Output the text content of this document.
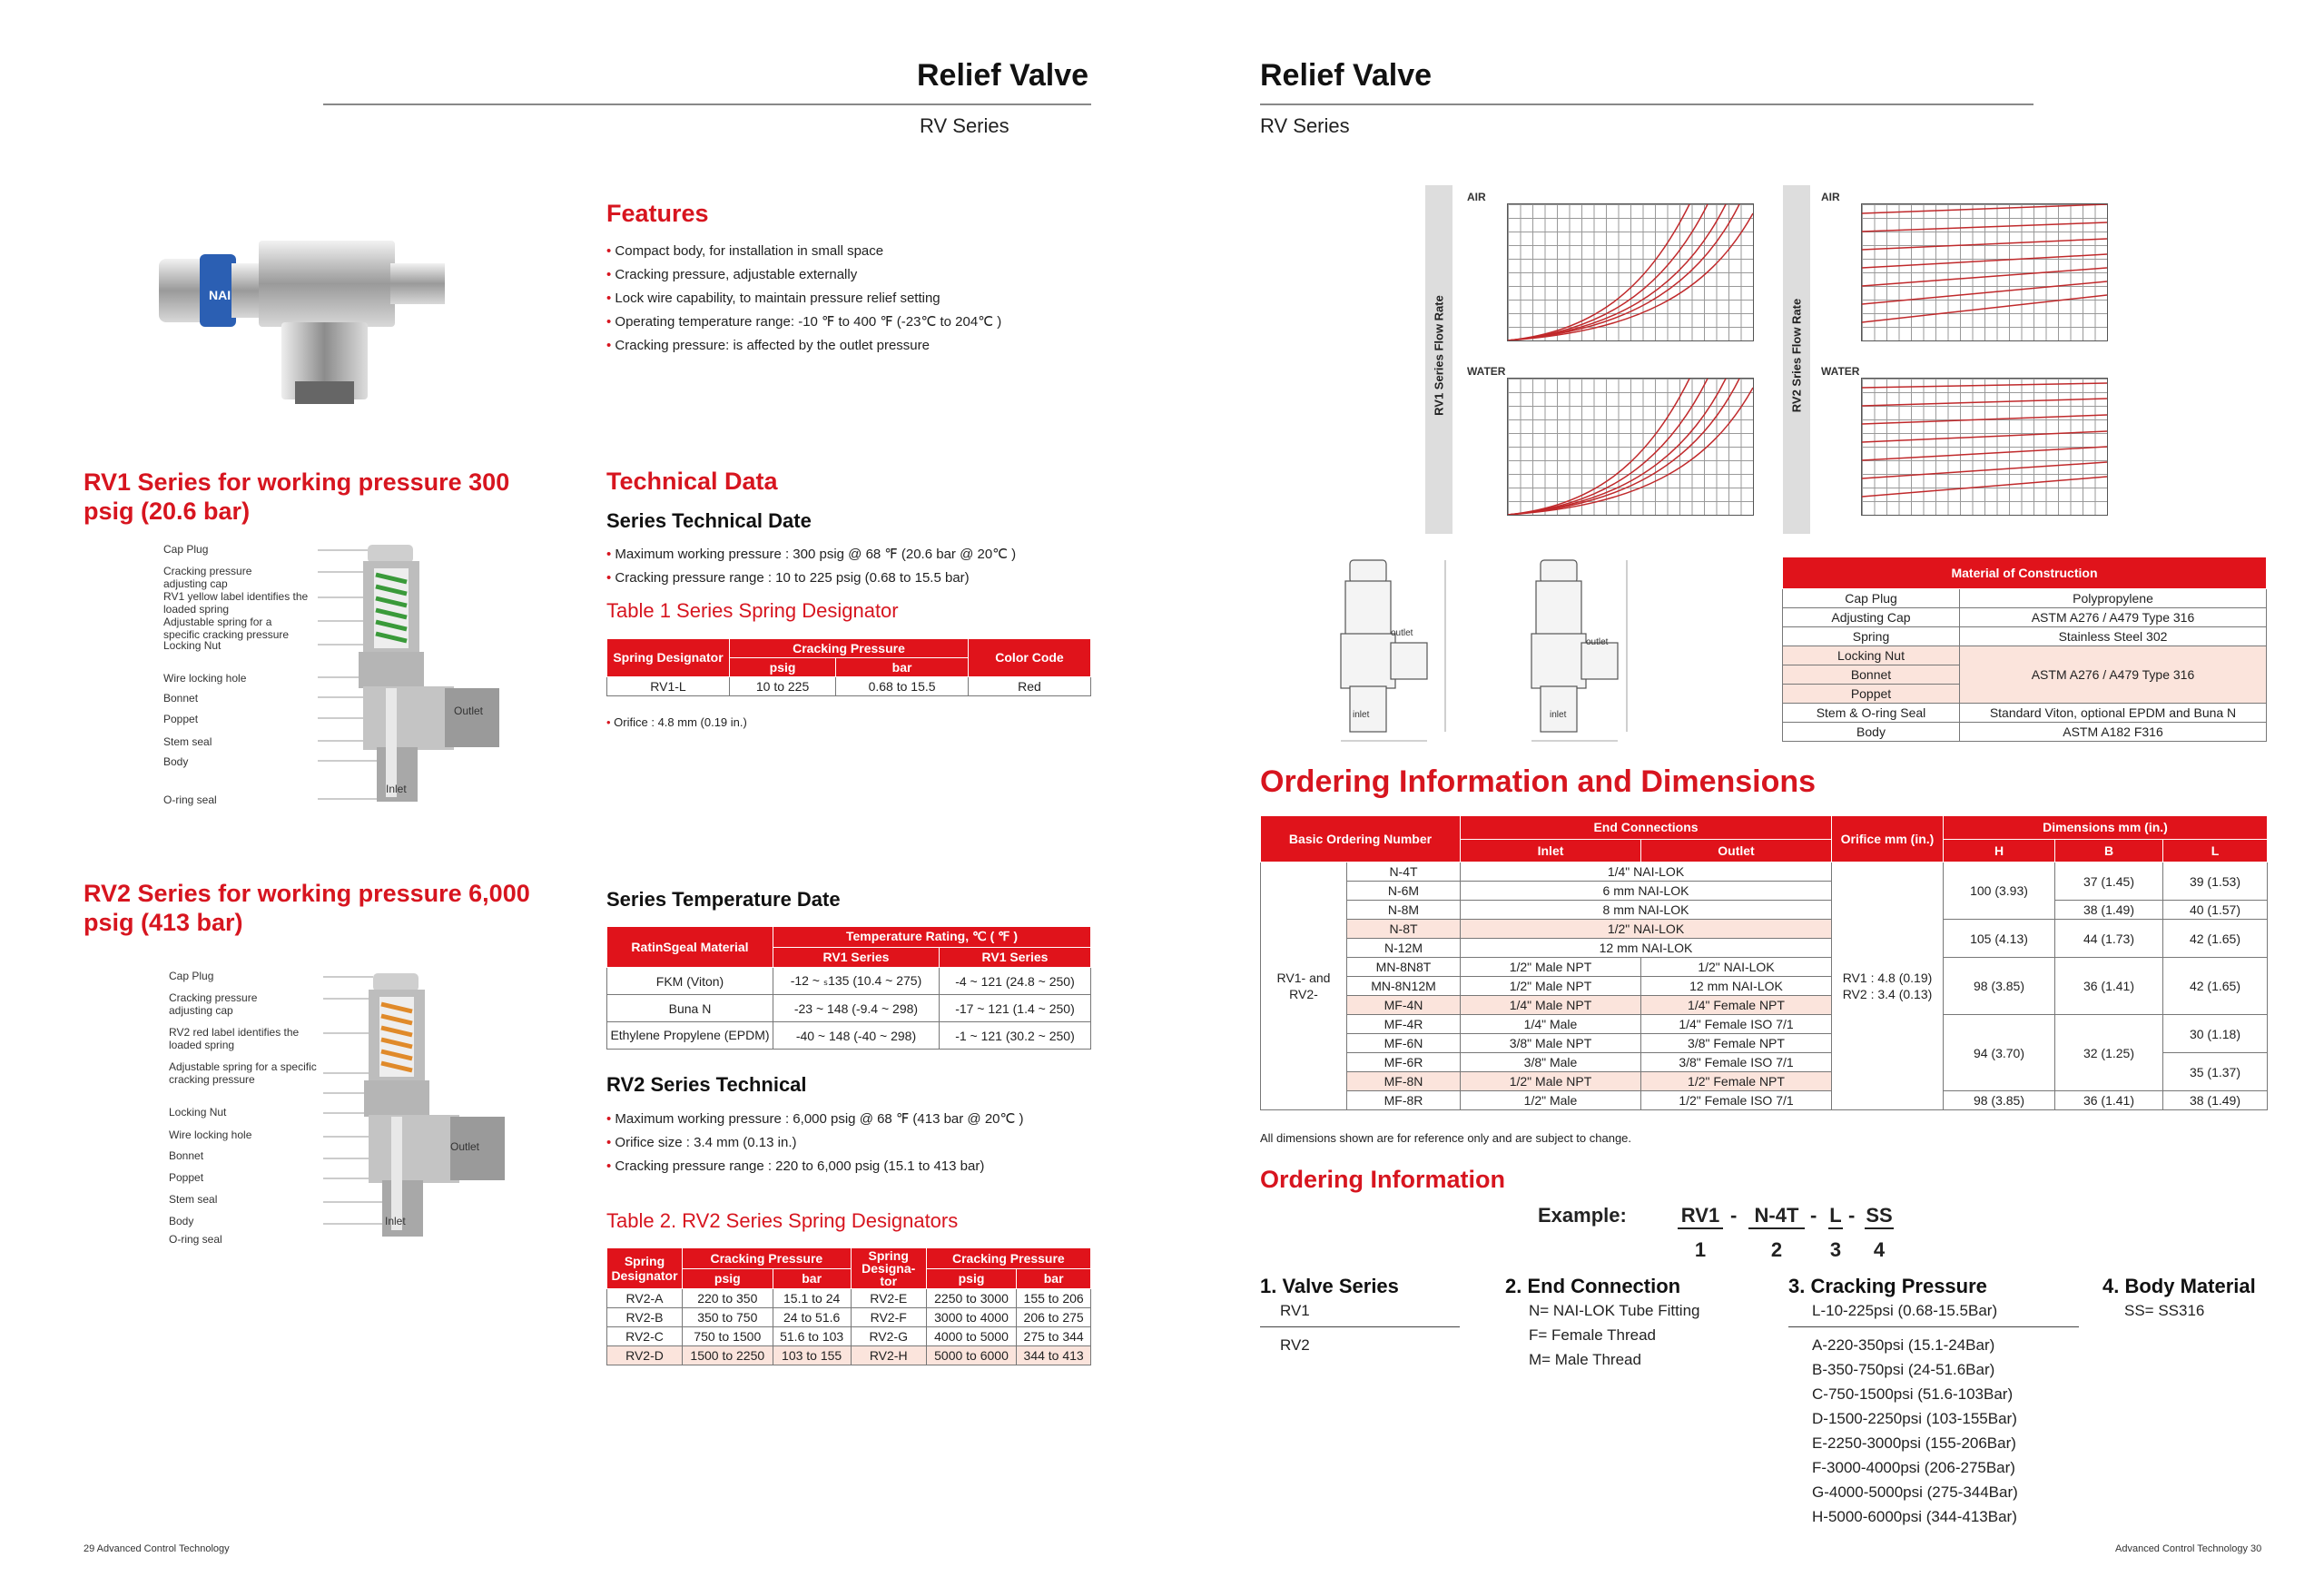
Relief Valve
RV Series
NAI
Features
• Compact body, for installation in small space
• Cracking pressure, adjustable externally
• Lock wire capability, to maintain pressure relief setting
• Operating temperature range: -10 ℉ to 400 ℉ (-23℃ to 204℃ )
• Cracking pressure: is affected by the outlet pressure
RV1 Series for working pressure 300 psig (20.6 bar)
Cap Plug
Cracking pressure adjusting cap
RV1 yellow label identifies the loaded spring
Adjustable spring for a specific cracking pressure
Locking Nut
Wire locking hole
Bonnet
Poppet
Stem seal
Body
O-ring seal
Outlet
Inlet
Technical Data
Series Technical Date
• Maximum working pressure : 300 psig @ 68 ℉ (20.6 bar @ 20℃ )
• Cracking pressure range : 10 to 225 psig (0.68 to 15.5 bar)
Table 1 Series Spring Designator
Spring Designator	Cracking Pressure		Color Code
	psig	bar	
RV1-L	10 to 225	0.68 to 15.5	Red
• Orifice : 4.8 mm (0.19 in.)
RV2 Series for working pressure 6,000 psig (413 bar)
Cap Plug
Cracking pressure adjusting cap
RV2 red label identifies the loaded spring
Adjustable spring for a specific cracking pressure
Locking Nut
Wire locking hole
Bonnet
Poppet
Stem seal
Body
O-ring seal
Outlet
Inlet
Series Temperature Date
RatinSgeal Material	Temperature Rating, ℃ ( ℉ )	
	RV1 Series	RV1 Series
FKM (Viton)	-12 ~ ₛ135 (10.4 ~ 275)	-4 ~ 121 (24.8 ~ 250)
Buna N	-23 ~ 148 (-9.4 ~ 298)	-17 ~ 121 (1.4 ~ 250)
Ethylene Propylene (EPDM)	-40 ~ 148 (-40 ~ 298)	-1 ~ 121 (30.2 ~ 250)
RV2 Series Technical
• Maximum working pressure : 6,000 psig @ 68 ℉ (413 bar @ 20℃ )
• Orifice size : 3.4 mm (0.13 in.)
• Cracking pressure range : 220 to 6,000 psig (15.1 to 413 bar)
Table 2. RV2 Series Spring Designators
Spring Designator	Cracking Pressure		Spring Designa- tor	Cracking Pressure	
	psig	bar		psig	bar
RV2-A	220 to 350	15.1 to 24	RV2-E	2250 to 3000	155 to 206
RV2-B	350 to 750	24 to 51.6	RV2-F	3000 to 4000	206 to 275
RV2-C	750 to 1500	51.6 to 103	RV2-G	4000 to 5000	275 to 344
RV2-D	1500 to 2250	103 to 155	RV2-H	5000 to 6000	344 to 413
29 Advanced Control Technology
Relief Valve
RV Series
RV1 Series Flow Rate	RV2 Sries Flow Rate
AIR
WATER
AIR
WATER
outlet
inlet
outlet
inlet
Material of Construction	
Cap Plug	Polypropylene
Adjusting Cap	ASTM A276 / A479 Type 316
Spring	Stainless Steel 302
Locking Nut	ASTM A276 / A479 Type 316
Bonnet	
Poppet	
Stem & O-ring Seal	Standard Viton, optional EPDM and Buna N
Body	ASTM A182 F316
Ordering Information and Dimensions
Basic Ordering Number		End Connections		Orifice mm (in.)	Dimensions mm (in.)		
		Inlet	Outlet		H	B	L
RV1- and RV2-	N-4T	1/4" NAI-LOK		RV1 : 4.8 (0.19) RV2 : 3.4 (0.13)	100 (3.93)	37 (1.45)	39 (1.53)
	N-6M	6 mm NAI-LOK					
	N-8M	8 mm NAI-LOK				38 (1.49)	40 (1.57)
	N-8T	1/2" NAI-LOK			105 (4.13)	44 (1.73)	42 (1.65)
	N-12M	12 mm NAI-LOK					
	MN-8N8T	1/2" Male NPT	1/2" NAI-LOK		98 (3.85)	36 (1.41)	42 (1.65)
	MN-8N12M	1/2" Male NPT	12 mm NAI-LOK				
	MF-4N	1/4" Male NPT	1/4" Female NPT				
	MF-4R	1/4" Male	1/4" Female ISO 7/1		94 (3.70)	32 (1.25)	30 (1.18)
	MF-6N	3/8" Male NPT	3/8" Female NPT				
	MF-6R	3/8" Male	3/8" Female ISO 7/1				35 (1.37)
	MF-8N	1/2" Male NPT	1/2" Female NPT				
	MF-8R	1/2" Male	1/2" Female ISO 7/1		98 (3.85)	36 (1.41)	38 (1.49)
All dimensions shown are for reference only and are subject to change.
Ordering Information
Example:	RV1 - N-4T - L - SS
1	2	3	4
1. Valve Series
RV1
RV2
2. End Connection
N= NAI-LOK Tube Fitting
F= Female Thread
M= Male Thread
3. Cracking Pressure
L-10-225psi (0.68-15.5Bar)
A-220-350psi (15.1-24Bar)
B-350-750psi (24-51.6Bar)
C-750-1500psi (51.6-103Bar)
D-1500-2250psi (103-155Bar)
E-2250-3000psi (155-206Bar)
F-3000-4000psi (206-275Bar)
G-4000-5000psi (275-344Bar)
H-5000-6000psi (344-413Bar)
4. Body Material
SS= SS316
Advanced Control Technology 30
